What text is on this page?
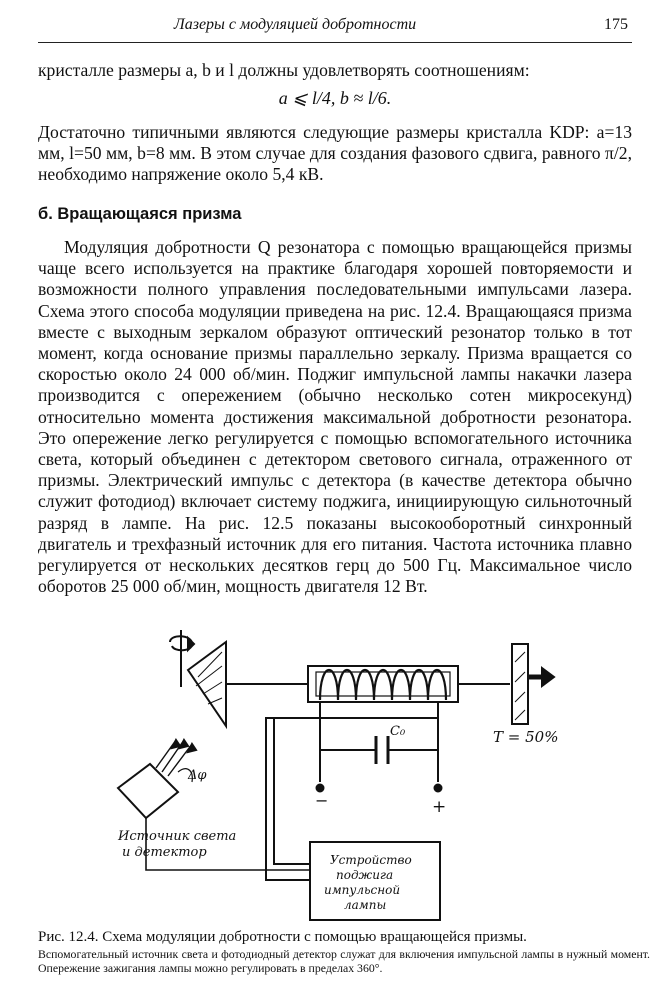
Лазеры с модуляцией добротности	175
кристалле размеры a, b и l должны удовлетворять соотношениям:
a ⩽ l/4, b ≈ l/6.
Достаточно типичными являются следующие размеры кристалла KDP: a=13 мм, l=50 мм, b=8 мм. В этом случае для создания фазового сдвига, равного π/2, необходимо напряжение около 5,4 кВ.
б. Вращающаяся призма
Модуляция добротности Q резонатора с помощью вращающейся призмы чаще всего используется на практике благодаря хорошей повторяемости и возможности полного управления последовательными импульсами лазера. Схема этого способа модуляции приведена на рис. 12.4. Вращающаяся призма вместе с выходным зеркалом образуют оптический резонатор только в тот момент, когда основание призмы параллельно зеркалу. Призма вращается со скоростью около 24 000 об/мин. Поджиг импульсной лампы накачки лазера производится с опережением (обычно несколько сотен микросекунд) относительно момента достижения максимальной добротности резонатора. Это опережение легко регулируется с помощью вспомогательного источника света, который объединен с детектором светового сигнала, отраженного от призмы. Электрический импульс с детектора (в качестве детектора обычно служит фотодиод) включает систему поджига, инициирующую сильноточный разряд в лампе. На рис. 12.5 показаны высокооборотный синхронный двигатель и трехфазный источник для его питания. Частота источника плавно регулируется от нескольких десятков герц до 500 Гц. Максимальное число оборотов 25 000 об/мин, мощность двигателя 12 Вт.
C₀	T = 50%
Δφ
−	+
Источник света
и детектор	Устройство
поджига
импульсной
лампы
Рис. 12.4. Схема модуляции добротности с помощью вращающейся призмы.
Вспомогательный источник света и фотодиодный детектор служат для включения импульсной лампы в нужный момент. Опережение зажигания лампы можно регулировать в пределах 360°.
